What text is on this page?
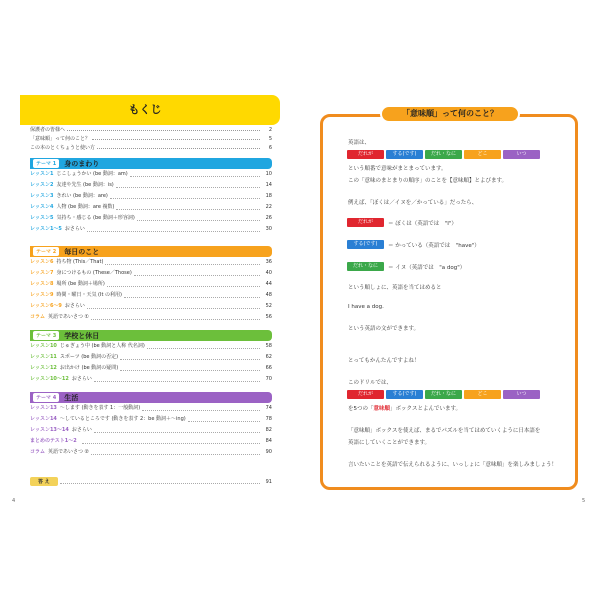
もくじ
保護者の皆様へ	2
「意味順」って何のこと？	5
この本のとくちょうと使い方	6
テーマ 1	身のまわり
レッスン1 じこしょうかい (be 動詞：am)	10
レッスン2 友達や先生 (be 動詞：is)	14
レッスン3 きれい (be 動詞：are)	18
レッスン4 人物 (be 動詞：are 複数)	22
レッスン5 気持ち・感じる (be 動詞＋形容詞)	26
レッスン1〜5 おさらい	30
テーマ 2	毎日のこと
レッスン6 持ち物 (This／That)	36
レッスン7 身につけるもの (These／Those)	40
レッスン8 場所 (be 動詞＋場所)	44
レッスン9 時間・曜日・天気 (It の利用)	48
レッスン6〜9 おさらい	52
コラム 英語であいさつ ①	56
テーマ 3	学校と休日
レッスン10 じゅぎょう中 (be 動詞と人称 代名詞)	58
レッスン11 スポーツ (be 動詞の否定)	62
レッスン12 お出かけ (be 動詞の疑問)	66
レッスン10〜12 おさらい	70
テーマ 4	生活
レッスン13 〜します (動きを表す 1：一般動詞)	74
レッスン14 〜しているところです (動きを表す 2：be 動詞＋〜ing)	78
レッスン13〜14 おさらい	82
まとめのテスト1〜2	84
コラム 英語であいさつ ②	90
答 え	91
4
「意味順」って何のこと？
英語は、
だれが	する(です)	だれ・なに	どこ	いつ
という順番で意味がまとまっています。
この「意味のまとまりの順序」のことを【意味順】とよびます。
例えば、「ぼくは／イヌを／かっている」だったら、
だれが	＝ ぼくは（英語では　"I"）
する(です)	＝ かっている（英語では　"have"）
だれ・なに	＝ イヌ（英語では　"a dog"）
という順しょに、英語を当てはめると
I have a dog.
という英語の文ができます。
とってもかんたんですよね！
このドリルでは、
だれが	する(です)	だれ・なに	どこ	いつ
を5つの「意味順」ボックスとよんでいます。
「意味順」ボックスを使えば、まるでパズルを当てはめていくように日本語を
英語にしていくことができます。
言いたいことを英語で伝えられるように、いっしょに「意味順」を楽しみましょう！
5
